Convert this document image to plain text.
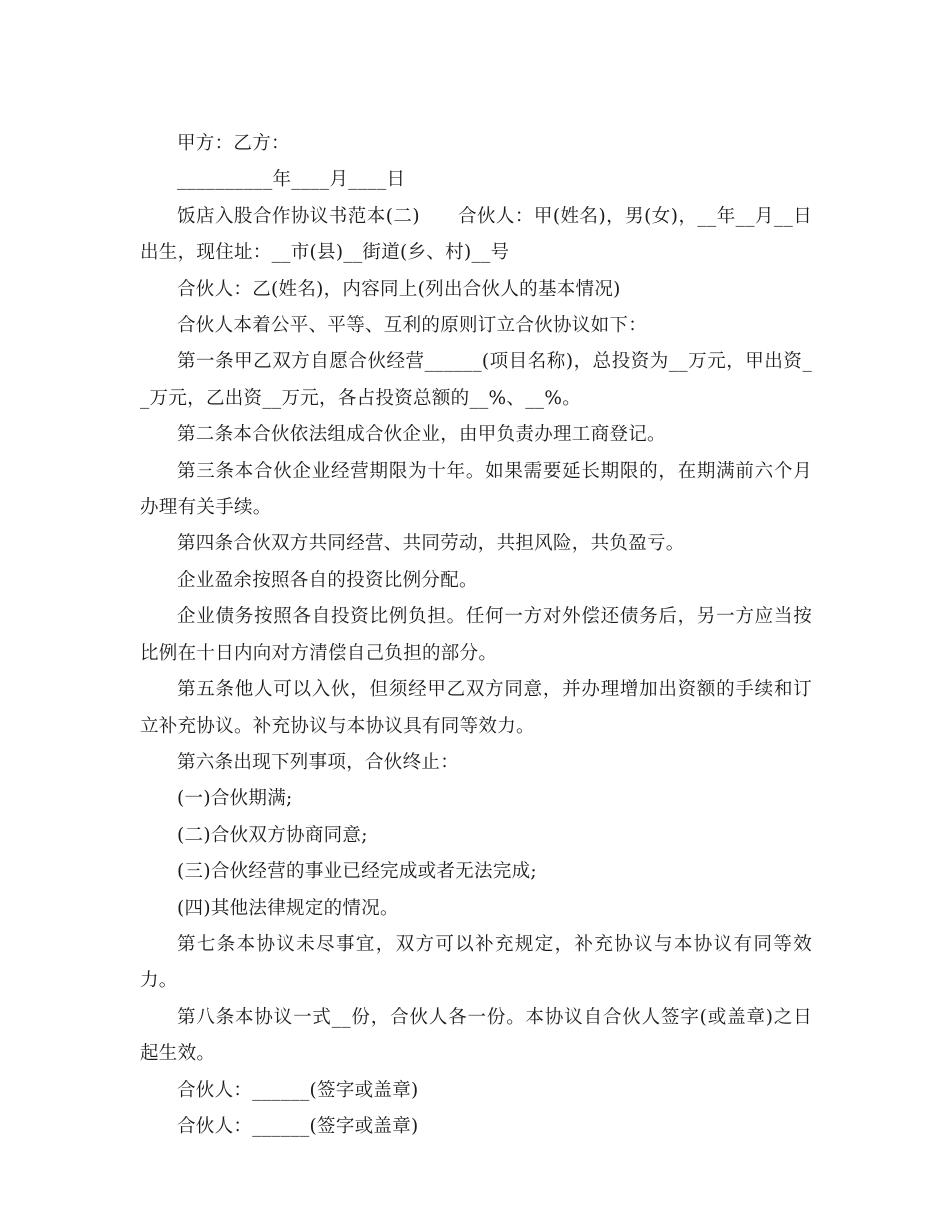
甲方：乙方：

__________年____月____日

饭店入股合作协议书范本(二)　　合伙人：甲(姓名)，男(女)，__年__月__日出生，现住址：__市(县)__街道(乡、村)__号

合伙人：乙(姓名)，内容同上(列出合伙人的基本情况)

合伙人本着公平、平等、互利的原则订立合伙协议如下：

第一条甲乙双方自愿合伙经营______(项目名称)，总投资为__万元，甲出资__万元，乙出资__万元，各占投资总额的__%、__%。

第二条本合伙依法组成合伙企业，由甲负责办理工商登记。

第三条本合伙企业经营期限为十年。如果需要延长期限的，在期满前六个月办理有关手续。

第四条合伙双方共同经营、共同劳动，共担风险，共负盈亏。

企业盈余按照各自的投资比例分配。

企业债务按照各自投资比例负担。任何一方对外偿还债务后，另一方应当按比例在十日内向对方清偿自己负担的部分。

第五条他人可以入伙，但须经甲乙双方同意，并办理增加出资额的手续和订立补充协议。补充协议与本协议具有同等效力。

第六条出现下列事项，合伙终止：

(一)合伙期满;

(二)合伙双方协商同意;

(三)合伙经营的事业已经完成或者无法完成;

(四)其他法律规定的情况。

第七条本协议未尽事宜，双方可以补充规定，补充协议与本协议有同等效力。

第八条本协议一式__份，合伙人各一份。本协议自合伙人签字(或盖章)之日起生效。

合伙人：______(签字或盖章)

合伙人：______(签字或盖章)
